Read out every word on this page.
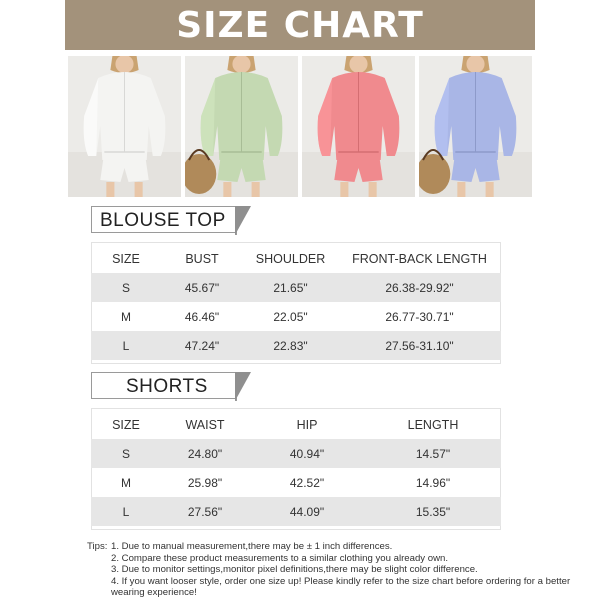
SIZE CHART
BLOUSE TOP
SIZE	BUST	SHOULDER	FRONT-BACK LENGTH
S	45.67"	21.65"	26.38-29.92"
M	46.46"	22.05"	26.77-30.71"
L	47.24"	22.83"	27.56-31.10"
SHORTS
SIZE	WAIST	HIP	LENGTH
S	24.80"	40.94"	14.57"
M	25.98"	42.52"	14.96"
L	27.56"	44.09"	15.35"
Tips: 1. Due to manual measurement,there may be ± 1 inch differences.
2. Compare these product measurements to a similar clothing you already own.
3. Due to monitor settings,monitor pixel definitions,there may be slight color difference.
4. If you want looser style, order one size up! Please kindly refer to the size chart before ordering for a better wearing experience!
